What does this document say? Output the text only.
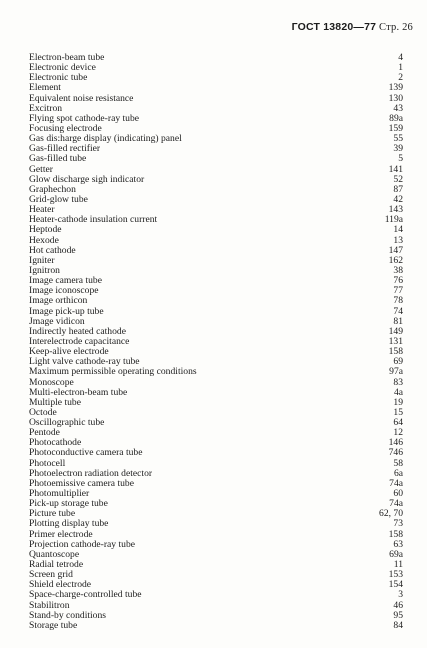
ГОСТ 13820—77 Стр. 26
Electron-beam tube	4
Electronic device	1
Electronic tube	2
Element	139
Equivalent noise resistance	130
Excitron	43
Flying spot cathode-ray tube	89a
Focusing electrode	159
Gas dis:harge display (indicating) panel	55
Gas-filled rectifier	39
Gas-filled tube	5
Getter	141
Glow discharge sigh indicator	52
Graphechon	87
Grid-glow tube	42
Heater	143
Heater-cathode insulation current	119a
Heptode	14
Hexode	13
Hot cathode	147
Igniter	162
Ignitron	38
Image camera tube	76
Image iconoscope	77
Image orthicon	78
Image pick-up tube	74
Jmage vidicon	81
Indirectly heated cathode	149
Interelectrode capacitance	131
Keep-alive electrode	158
Light valve cathode-ray tube	69
Maximum permissible operating conditions	97a
Monoscope	83
Multi-electron-beam tube	4a
Multiple tube	19
Octode	15
Oscillographic tube	64
Pentode	12
Photocathode	146
Photoconductive camera tube	746
Photocell	58
Photoelectron radiation detector	6a
Photoemissive camera tube	74a
Photomultiplier	60
Pick-up storage tube	74a
Picture tube	62, 70
Plotting display tube	73
Primer electrode	158
Projection cathode-ray tube	63
Quantoscope	69a
Radial tetrode	11
Screen grid	153
Shield electrode	154
Space-charge-controlled tube	3
Stabilitron	46
Stand-by conditions	95
Storage tube	84
